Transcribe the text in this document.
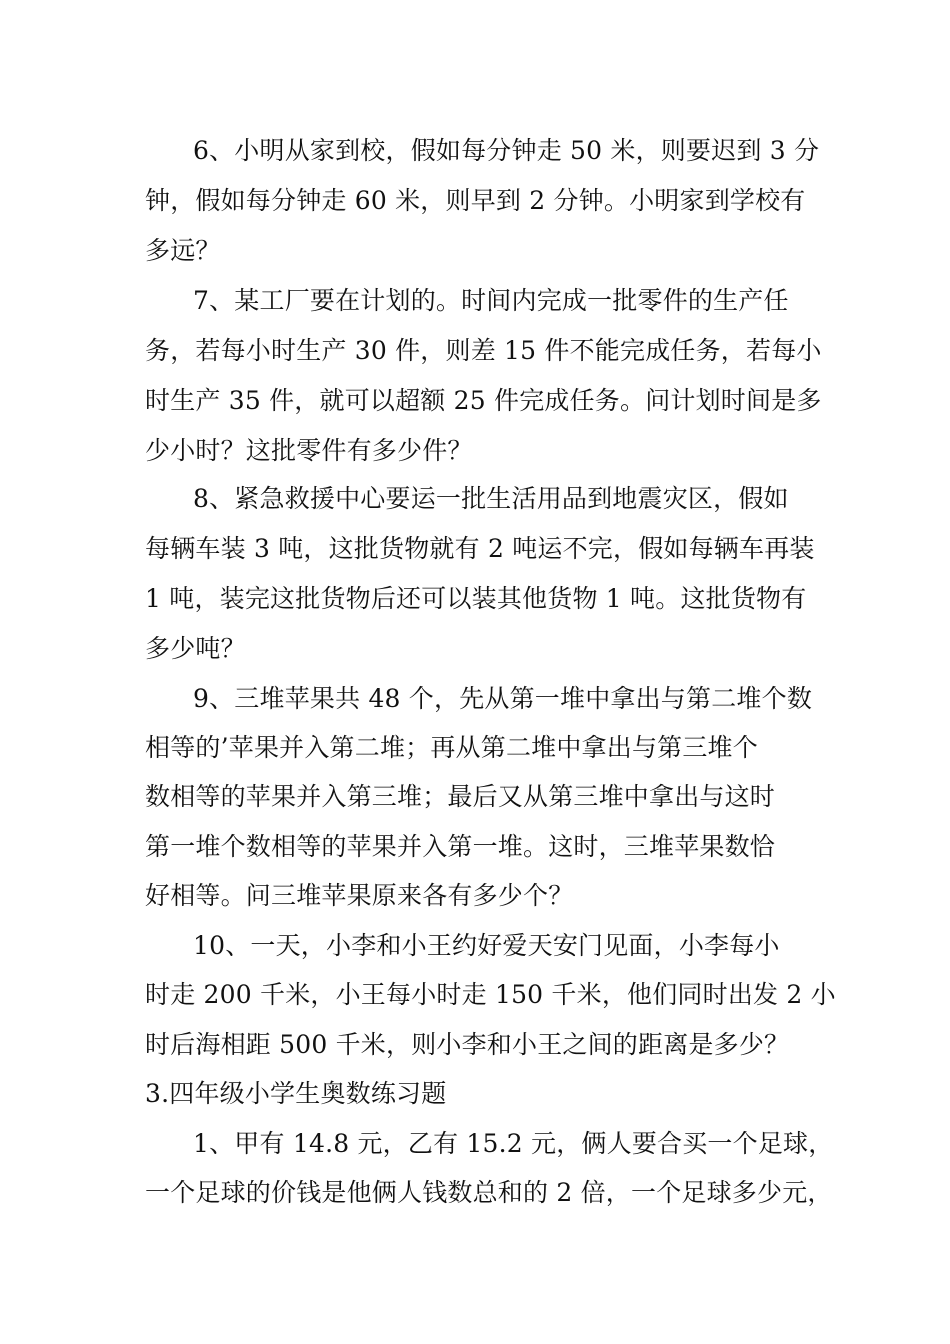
6、小明从家到校，假如每分钟走 50 米，则要迟到 3 分
钟，假如每分钟走 60 米，则早到 2 分钟。小明家到学校有
多远？
7、某工厂要在计划的。时间内完成一批零件的生产任
务，若每小时生产 30 件，则差 15 件不能完成任务，若每小
时生产 35 件，就可以超额 25 件完成任务。问计划时间是多
少小时？这批零件有多少件？
8、紧急救援中心要运一批生活用品到地震灾区，假如
每辆车装 3 吨，这批货物就有 2 吨运不完，假如每辆车再装
1 吨，装完这批货物后还可以装其他货物 1 吨。这批货物有
多少吨？
9、三堆苹果共 48 个，先从第一堆中拿出与第二堆个数
相等的’苹果并入第二堆；再从第二堆中拿出与第三堆个
数相等的苹果并入第三堆；最后又从第三堆中拿出与这时
第一堆个数相等的苹果并入第一堆。这时，三堆苹果数恰
好相等。问三堆苹果原来各有多少个？
10、一天，小李和小王约好爱天安门见面，小李每小
时走 200 千米，小王每小时走 150 千米，他们同时出发 2 小
时后海相距 500 千米，则小李和小王之间的距离是多少？
3.四年级小学生奥数练习题
1、甲有 14.8 元，乙有 15.2 元，俩人要合买一个足球，
一个足球的价钱是他俩人钱数总和的 2 倍，一个足球多少元，
